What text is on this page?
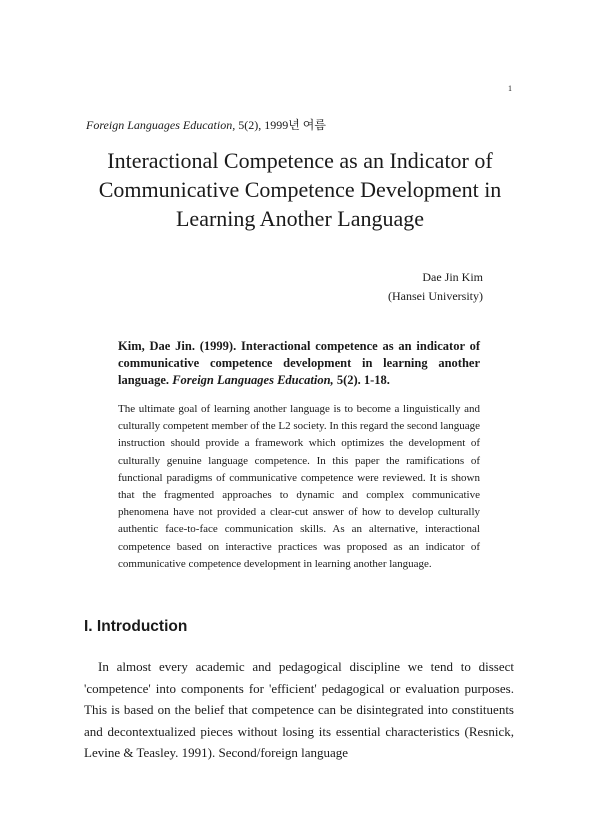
1
Foreign Languages Education, 5(2), 1999년 여름
Interactional Competence as an Indicator of Communicative Competence Development in Learning Another Language
Dae Jin Kim
(Hansei University)
Kim, Dae Jin. (1999). Interactional competence as an indicator of communicative competence development in learning another language. Foreign Languages Education, 5(2). 1-18.
The ultimate goal of learning another language is to become a linguistically and culturally competent member of the L2 society. In this regard the second language instruction should provide a framework which optimizes the development of culturally genuine language competence. In this paper the ramifications of functional paradigms of communicative competence were reviewed. It is shown that the fragmented approaches to dynamic and complex communicative phenomena have not provided a clear-cut answer of how to develop culturally authentic face-to-face communication skills. As an alternative, interactional competence based on interactive practices was proposed as an indicator of communicative competence development in learning another language.
I. Introduction
In almost every academic and pedagogical discipline we tend to dissect 'competence' into components for 'efficient' pedagogical or evaluation purposes. This is based on the belief that competence can be disintegrated into constituents and decontextualized pieces without losing its essential characteristics (Resnick, Levine & Teasley. 1991). Second/foreign language
